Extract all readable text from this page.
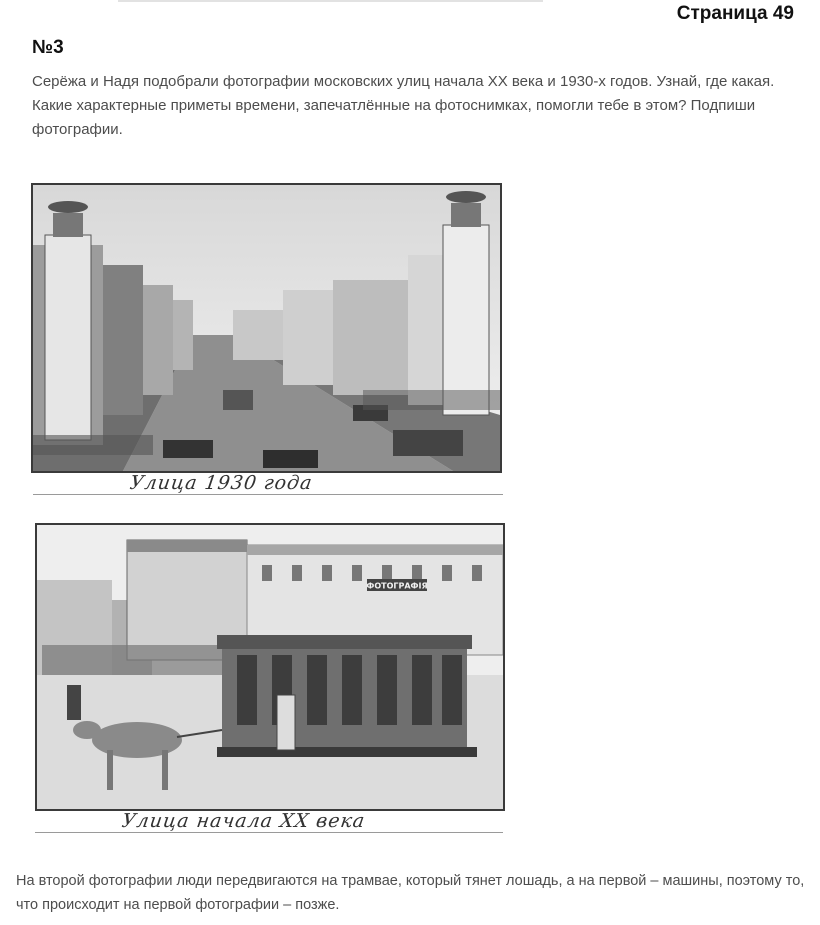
Страница 49
№3
Серёжа и Надя подобрали фотографии московских улиц начала XX века и 1930-х годов. Узнай, где какая. Какие характерные приметы времени, запечатлённые на фотоснимках, помогли тебе в этом? Подпиши фотографии.
Улица 1930 года
ФОТОГРАФІЯ
Улица начала XX века
На второй фотографии люди передвигаются на трамвае, который тянет лошадь, а на первой – машины, поэтому то, что происходит на первой фотографии – позже.
